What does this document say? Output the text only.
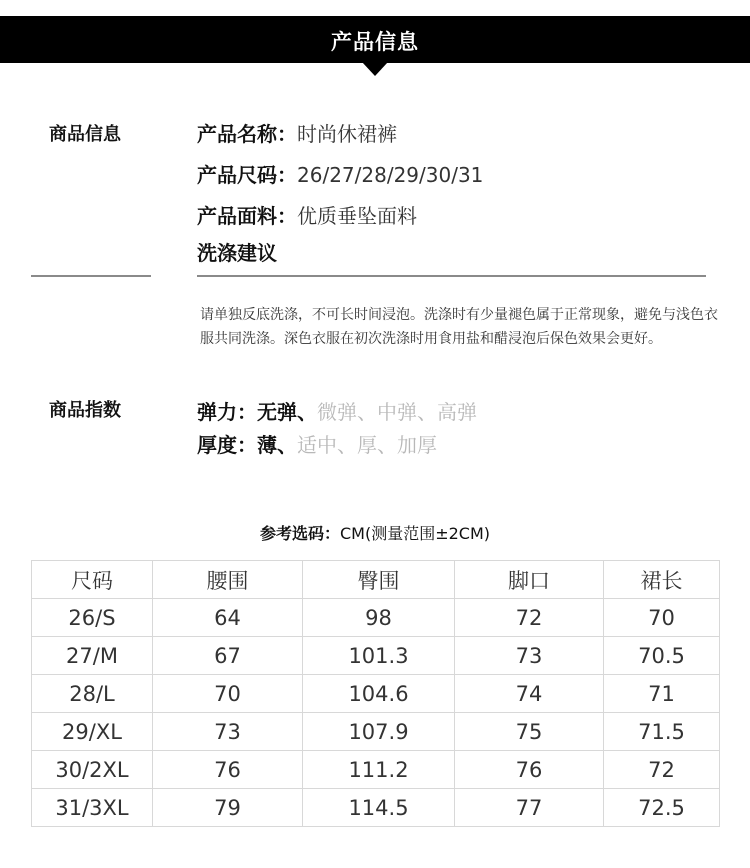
产品信息
商品信息	产品名称：时尚休裙裤
产品尺码：26/27/28/29/30/31
产品面料：优质垂坠面料
洗涤建议
请单独反底洗涤，不可长时间浸泡。洗涤时有少量褪色属于正常现象，避免与浅色衣服共同洗涤。深色衣服在初次洗涤时用食用盐和醋浸泡后保色效果会更好。
商品指数	弹力：无弹、微弹、中弹、高弹
厚度：薄、适中、厚、加厚
参考选码：CM(测量范围±2CM)
尺码	腰围	臀围	脚口	裙长
26/S	64	98	72	70
27/M	67	101.3	73	70.5
28/L	70	104.6	74	71
29/XL	73	107.9	75	71.5
30/2XL	76	111.2	76	72
31/3XL	79	114.5	77	72.5
